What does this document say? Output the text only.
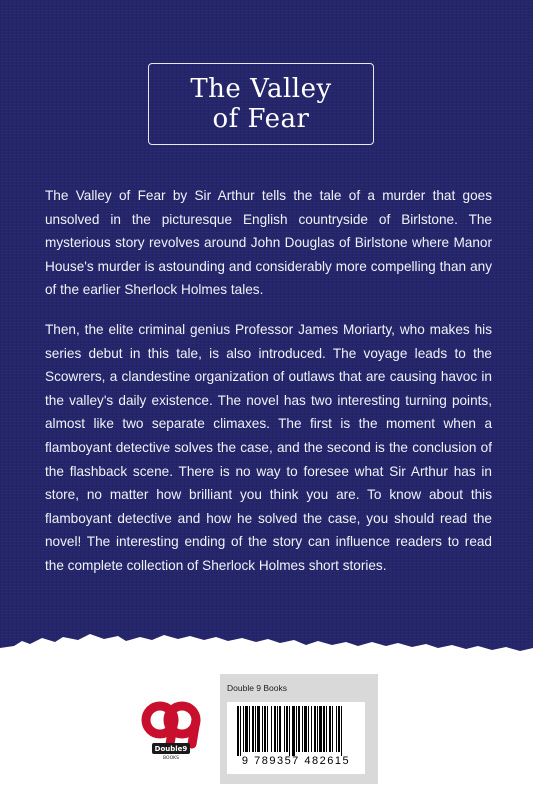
The Valley
of Fear

The Valley of Fear by Sir Arthur tells the tale of a murder that goes unsolved in the picturesque English countryside of Birlstone. The mysterious story revolves around John Douglas of Birlstone where Manor House's murder is astounding and considerably more compelling than any of the earlier Sherlock Holmes tales.

Then, the elite criminal genius Professor James Moriarty, who makes his series debut in this tale, is also introduced. The voyage leads to the Scowrers, a clandestine organization of outlaws that are causing havoc in the valley's daily existence. The novel has two interesting turning points, almost like two separate climaxes. The first is the moment when a flamboyant detective solves the case, and the second is the conclusion of the flashback scene. There is no way to foresee what Sir Arthur has in store, no matter how brilliant you think you are. To know about this flamboyant detective and how he solved the case, you should read the novel! The interesting ending of the story can influence readers to read the complete collection of Sherlock Holmes short stories.

Double9
BOOKS
Double 9 Books
9 789357 482615
